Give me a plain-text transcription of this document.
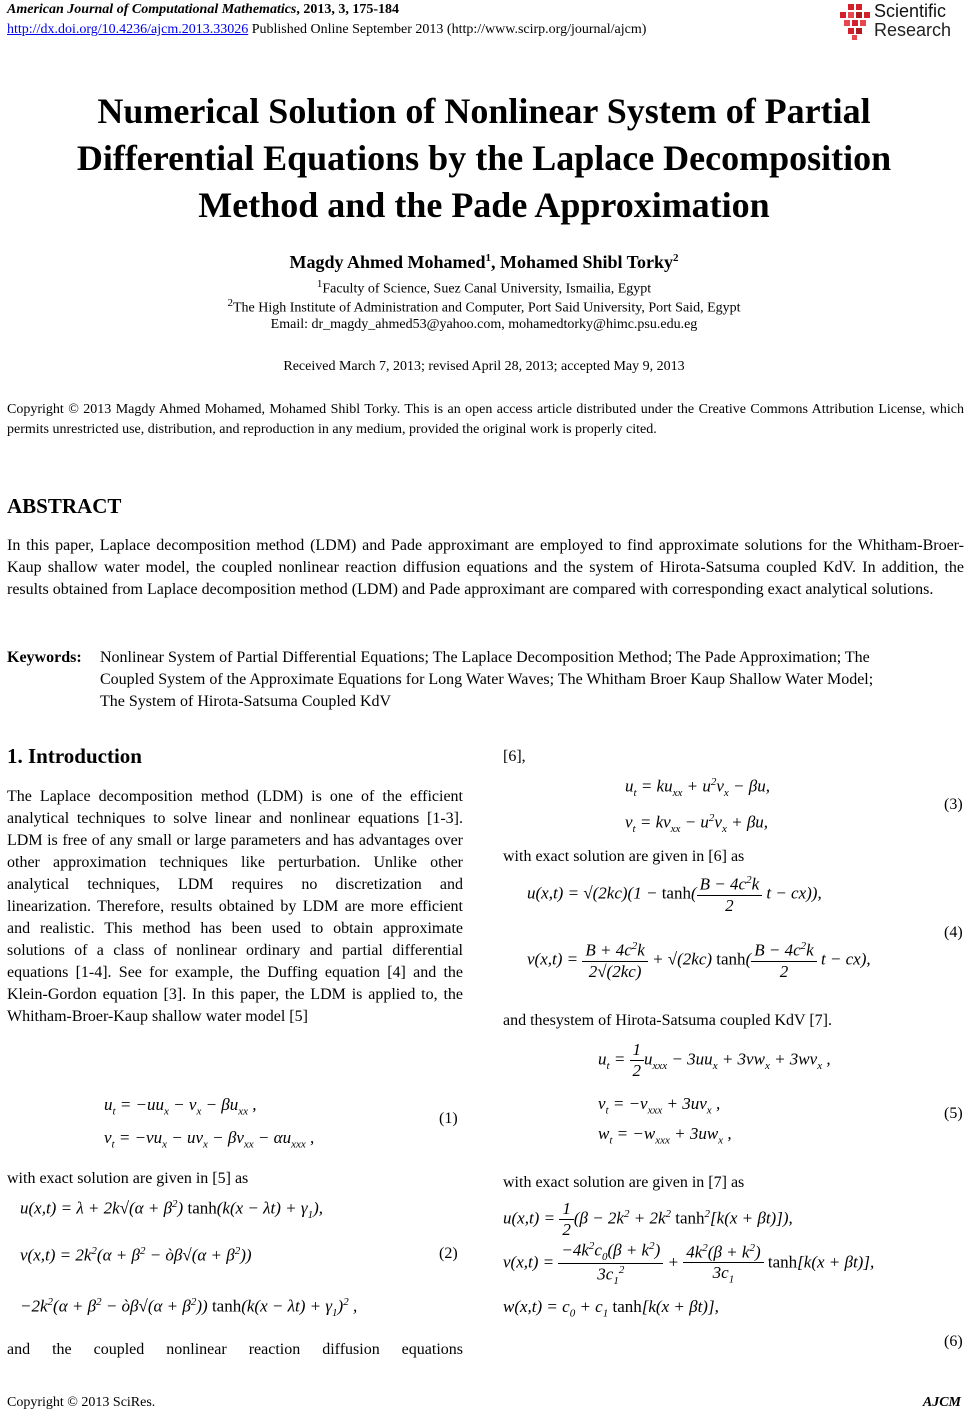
American Journal of Computational Mathematics, 2013, 3, 175-184
http://dx.doi.org/10.4236/ajcm.2013.33026 Published Online September 2013 (http://www.scirp.org/journal/ajcm)
Scientific
Research
Numerical Solution of Nonlinear System of Partial Differential Equations by the Laplace Decomposition Method and the Pade Approximation
Magdy Ahmed Mohamed$^1$, Mohamed Shibl Torky$^2$
$^1$Faculty of Science, Suez Canal University, Ismailia, Egypt
$^2$The High Institute of Administration and Computer, Port Said University, Port Said, Egypt
Email: dr_magdy_ahmed53@yahoo.com, mohamedtorky@himc.psu.edu.eg
Received March 7, 2013; revised April 28, 2013; accepted May 9, 2013
Copyright © 2013 Magdy Ahmed Mohamed, Mohamed Shibl Torky. This is an open access article distributed under the Creative Commons Attribution License, which permits unrestricted use, distribution, and reproduction in any medium, provided the original work is properly cited.
ABSTRACT
In this paper, Laplace decomposition method (LDM) and Pade approximant are employed to find approximate solutions for the Whitham-Broer-Kaup shallow water model, the coupled nonlinear reaction diffusion equations and the system of Hirota-Satsuma coupled KdV. In addition, the results obtained from Laplace decomposition method (LDM) and Pade approximant are compared with corresponding exact analytical solutions.
Keywords: Nonlinear System of Partial Differential Equations; The Laplace Decomposition Method; The Pade Approximation; The Coupled System of the Approximate Equations for Long Water Waves; The Whitham Broer Kaup Shallow Water Model; The System of Hirota-Satsuma Coupled KdV
1. Introduction
The Laplace decomposition method (LDM) is one of the efficient analytical techniques to solve linear and nonlinear equations [1-3]. LDM is free of any small or large parameters and has advantages over other approximation techniques like perturbation. Unlike other analytical techniques, LDM requires no discretization and linearization. Therefore, results obtained by LDM are more efficient and realistic. This method has been used to obtain approximate solutions of a class of nonlinear ordinary and partial differential equations [1-4]. See for example, the Duffing equation [4] and the Klein-Gordon equation [3]. In this paper, the LDM is applied to, the Whitham-Broer-Kaup shallow water model [5]
$u_t = -uu_x - v_x - \beta u_{xx}$ ,
$v_t = -vu_x - uv_x - \beta v_{xx} - \alpha u_{xxx}$ ,
(1)
with exact solution are given in [5] as
$u(x,t) = \lambda + 2k√(\alpha + \beta^2)$ $\tanh(k(x - \lambda t) + \gamma_1)$,
$v(x,t) = 2k^2(\alpha + \beta^2$ − òβ√(α + $\beta^2$))	(2)
$-2k^2(\alpha + \beta^2$ − òβ√(α + $\beta^2$)) $\tanh(k(x - \lambda t) + \gamma_1)^2$ ,
and the coupled nonlinear reaction diffusion equations
[6],
$u_t = ku_{xx} + u^2v_x - \beta u$,
$v_t = kv_{xx} - u^2v_x + \beta u$,
(3)
with exact solution are given in [6] as
$u(x,t) = √(2kc)(1 - \tanh( \frac{B - 4c^2k}{2}$ t − cx)),
(4)
$v(x,t) = \frac{B + 4c^2k}{2√(2kc)} + √(2kc)$ $\tanh( \frac{B - 4c^2k}{2}$ t − cx),
and thesystem of Hirota-Satsuma coupled KdV [7].
$u_t = \frac{1}{2} u_{xxx} - 3uu_x + 3vw_x + 3wv_x$ ,
$v_t = -v_{xxx} + 3uv_x$ ,
(5)
$w_t = -w_{xxx} + 3uw_x$ ,
with exact solution are given in [7] as
$u(x,t) = \frac{1}{2} (\beta - 2k^2 + 2k^2$ $\tanh^2[k(x + \beta t)]$),
$v(x,t) = \frac{-4k^2c_0(\beta + k^2)}{3c_1^2} + \frac{4k^2(\beta + k^2)}{3c_1} \tanh[k(x + \beta t)]$,
$w(x,t) = c_0 + c_1$ tanh[k(x + βt)],
(6)
Copyright © 2013 SciRes.	AJCM
